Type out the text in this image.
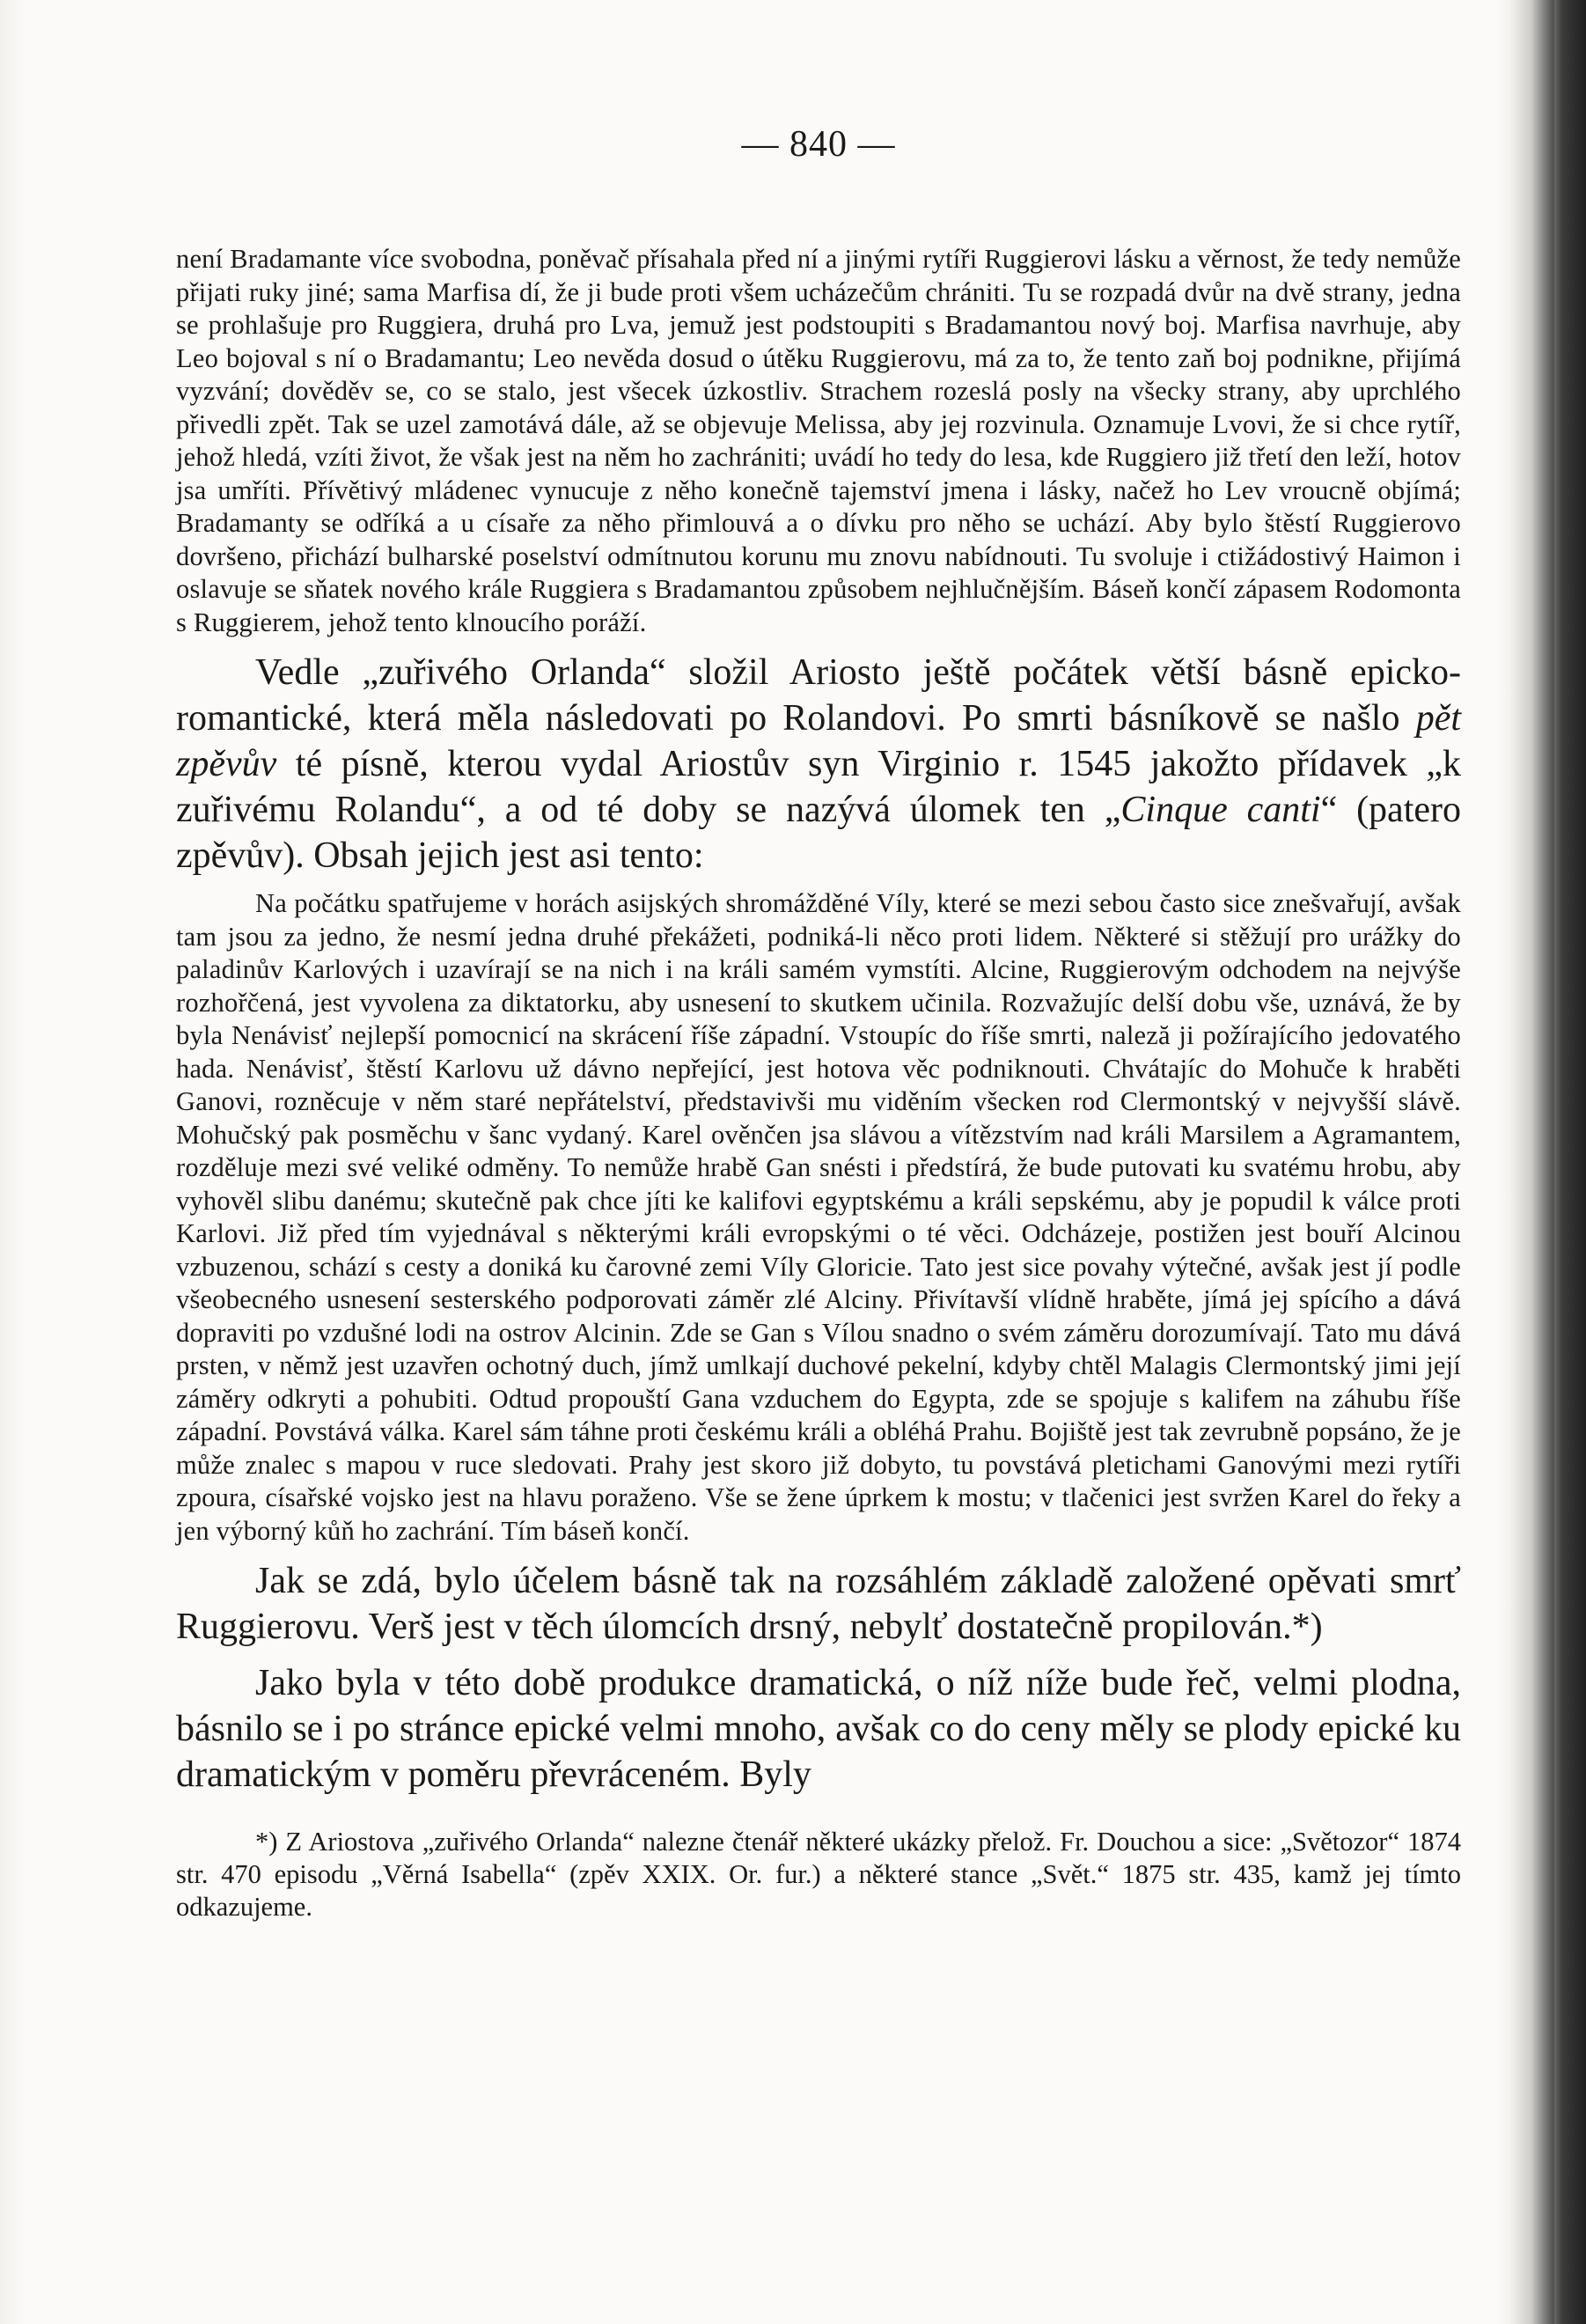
— 840 —

není Bradamante více svobodna, poněvač přísahala před ní a jinými rytíři Ruggierovi lásku a věrnost, že tedy nemůže přijati ruky jiné; sama Marfisa dí, že ji bude proti všem ucházečům chrániti. Tu se rozpadá dvůr na dvě strany, jedna se prohlašuje pro Ruggiera, druhá pro Lva, jemuž jest podstoupiti s Bradamantou nový boj. Marfisa navrhuje, aby Leo bojoval s ní o Bradamantu; Leo nevěda dosud o útěku Ruggierovu, má za to, že tento zaň boj podnikne, přijímá vyzvání; dověděv se, co se stalo, jest všecek úzkostliv. Strachem rozeslá posly na všecky strany, aby uprchlého přivedli zpět. Tak se uzel zamotává dále, až se objevuje Melissa, aby jej rozvinula. Oznamuje Lvovi, že si chce rytíř, jehož hledá, vzíti život, že však jest na něm ho zachrániti; uvádí ho tedy do lesa, kde Ruggiero již třetí den leží, hotov jsa umříti. Přívětivý mládenec vynucuje z něho konečně tajemství jmena i lásky, načež ho Lev vroucně objímá; Bradamanty se odříká a u císaře za něho přimlouvá a o dívku pro něho se uchází. Aby bylo štěstí Ruggierovo dovršeno, přichází bulharské poselství odmítnutou korunu mu znovu nabídnouti. Tu svoluje i ctižádostivý Haimon i oslavuje se sňatek nového krále Ruggiera s Bradamantou způsobem nejhlučnějším. Báseň končí zápasem Rodomonta s Ruggierem, jehož tento klnoucího poráží.

Vedle „zuřivého Orlanda“ složil Ariosto ještě počátek větší básně epicko-romantické, která měla následovati po Rolandovi. Po smrti básníkově se našlo pět zpěvův té písně, kterou vydal Ariostův syn Virginio r. 1545 jakožto přídavek „k zuřivému Rolandu“, a od té doby se nazývá úlomek ten „Cinque canti“ (patero zpěvův). Obsah jejich jest asi tento:

Na počátku spatřujeme v horách asijských shromážděné Víly, které se mezi sebou často sice znešvařují, avšak tam jsou za jedno, že nesmí jedna druhé překážeti, podniká-li něco proti lidem. Některé si stěžují pro urážky do paladinův Karlových i uzavírají se na nich i na králi samém vymstíti. Alcine, Ruggierovým odchodem na nejvýše rozhořčená, jest vyvolena za diktatorku, aby usnesení to skutkem učinila. Rozvažujíc delší dobu vše, uznává, že by byla Nenávisť nejlepší pomocnicí na skrácení říše západní. Vstoupíc do říše smrti, naleză ji požírajícího jedovatého hada. Nenávisť, štěstí Karlovu už dávno nepřející, jest hotova věc podniknouti. Chvátajíc do Mohuče k hraběti Ganovi, rozněcuje v něm staré nepřátelství, představivši mu viděním všecken rod Clermontský v nejvyšší slávě. Mohučský pak posměchu v šanc vydaný. Karel ověnčen jsa slávou a vítězstvím nad králi Marsilem a Agramantem, rozděluje mezi své veliké odměny. To nemůže hrabě Gan snésti i předstírá, že bude putovati ku svatému hrobu, aby vyhověl slibu danému; skutečně pak chce jíti ke kalifovi egyptskému a králi sepskému, aby je popudil k válce proti Karlovi. Již před tím vyjednával s některými králi evropskými o té věci. Odcházeje, postižen jest bouří Alcinou vzbuzenou, schází s cesty a doniká ku čarovné zemi Víly Gloricie. Tato jest sice povahy výtečné, avšak jest jí podle všeobecného usnesení sesterského podporovati záměr zlé Alciny. Přivítavší vlídně hraběte, jímá jej spícího a dává dopraviti po vzdušné lodi na ostrov Alcinin. Zde se Gan s Vílou snadno o svém záměru dorozumívají. Tato mu dává prsten, v němž jest uzavřen ochotný duch, jímž umlkají duchové pekelní, kdyby chtěl Malagis Clermontský jimi její záměry odkryti a pohubiti. Odtud propouští Gana vzduchem do Egypta, zde se spojuje s kalifem na záhubu říše západní. Povstává válka. Karel sám táhne proti českému králi a obléhá Prahu. Bojiště jest tak zevrubně popsáno, že je může znalec s mapou v ruce sledovati. Prahy jest skoro již dobyto, tu povstává pletichami Ganovými mezi rytíři zpoura, císařské vojsko jest na hlavu poraženo. Vše se žene úprkem k mostu; v tlačenici jest svržen Karel do řeky a jen výborný kůň ho zachrání. Tím báseň končí.

Jak se zdá, bylo účelem básně tak na rozsáhlém základě založené opěvati smrť Ruggierovu. Verš jest v těch úlomcích drsný, nebylť dostatečně propilován.*)

Jako byla v této době produkce dramatická, o níž níže bude řeč, velmi plodna, básnilo se i po stránce epické velmi mnoho, avšak co do ceny měly se plody epické ku dramatickým v poměru převráceném. Byly

*) Z Ariostova „zuřivého Orlanda“ nalezne čtenář některé ukázky přelož. Fr. Douchou a sice: „Světozor“ 1874 str. 470 episodu „Věrná Isabella“ (zpěv XXIX. Or. fur.) a některé stance „Svět.“ 1875 str. 435, kamž jej tímto odkazujeme.
